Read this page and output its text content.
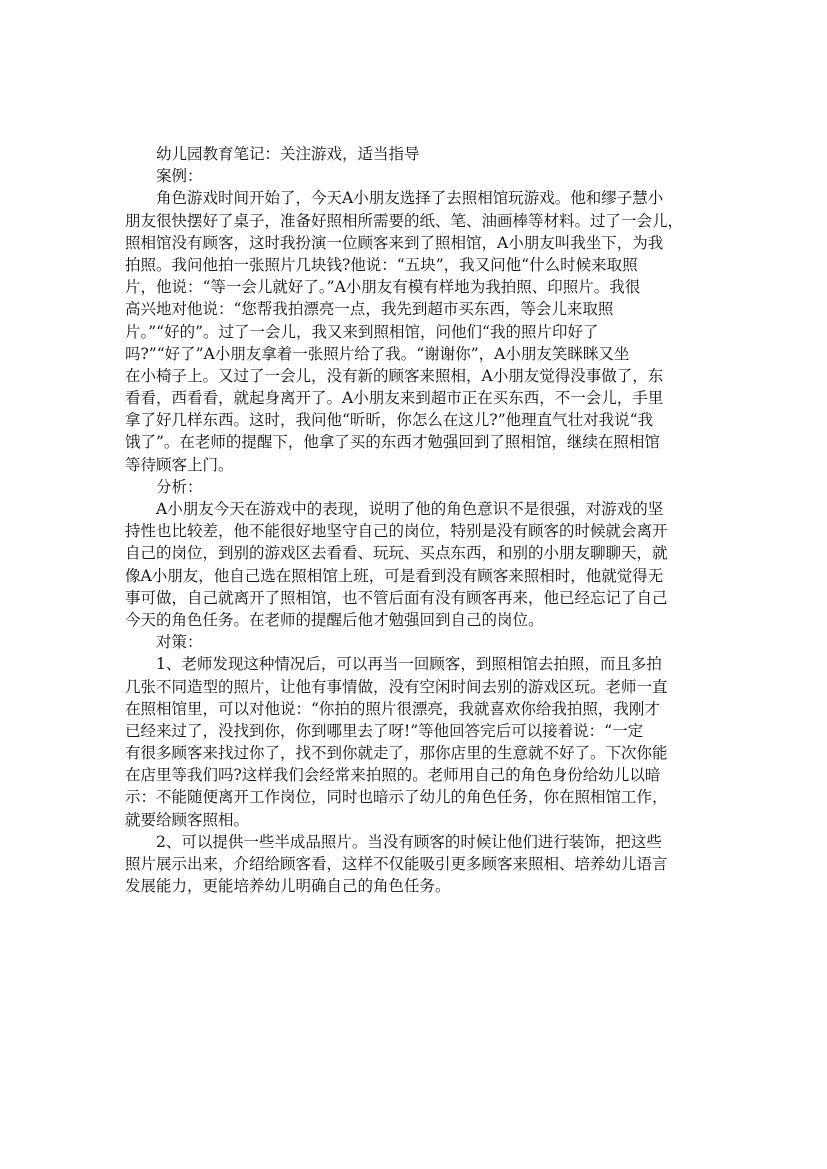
幼儿园教育笔记：关注游戏，适当指导
案例：
角色游戏时间开始了，今天A小朋友选择了去照相馆玩游戏。他和缪子慧小
朋友很快摆好了桌子，准备好照相所需要的纸、笔、油画棒等材料。过了一会儿，
照相馆没有顾客，这时我扮演一位顾客来到了照相馆，A小朋友叫我坐下，为我
拍照。我问他拍一张照片几块钱?他说：“五块”，我又问他“什么时候来取照
片，他说：“等一会儿就好了。”A小朋友有模有样地为我拍照、印照片。我很
高兴地对他说：“您帮我拍漂亮一点，我先到超市买东西，等会儿来取照
片。”“好的”。过了一会儿，我又来到照相馆，问他们“我的照片印好了
吗?”“好了”A小朋友拿着一张照片给了我。“谢谢你”，A小朋友笑眯眯又坐
在小椅子上。又过了一会儿，没有新的顾客来照相，A小朋友觉得没事做了，东
看看，西看看，就起身离开了。A小朋友来到超市正在买东西，不一会儿，手里
拿了好几样东西。这时，我问他“昕昕，你怎么在这儿?”他理直气壮对我说“我
饿了”。在老师的提醒下，他拿了买的东西才勉强回到了照相馆，继续在照相馆
等待顾客上门。
分析：
A小朋友今天在游戏中的表现，说明了他的角色意识不是很强，对游戏的坚
持性也比较差，他不能很好地坚守自己的岗位，特别是没有顾客的时候就会离开
自己的岗位，到别的游戏区去看看、玩玩、买点东西，和别的小朋友聊聊天，就
像A小朋友，他自己选在照相馆上班，可是看到没有顾客来照相时，他就觉得无
事可做，自己就离开了照相馆，也不管后面有没有顾客再来，他已经忘记了自己
今天的角色任务。在老师的提醒后他才勉强回到自己的岗位。
对策：
1、老师发现这种情况后，可以再当一回顾客，到照相馆去拍照，而且多拍
几张不同造型的照片，让他有事情做，没有空闲时间去别的游戏区玩。老师一直
在照相馆里，可以对他说：“你拍的照片很漂亮，我就喜欢你给我拍照，我刚才
已经来过了，没找到你，你到哪里去了呀!”等他回答完后可以接着说：“一定
有很多顾客来找过你了，找不到你就走了，那你店里的生意就不好了。下次你能
在店里等我们吗?这样我们会经常来拍照的。老师用自己的角色身份给幼儿以暗
示：不能随便离开工作岗位，同时也暗示了幼儿的角色任务，你在照相馆工作，
就要给顾客照相。
2、可以提供一些半成品照片。当没有顾客的时候让他们进行装饰，把这些
照片展示出来，介绍给顾客看，这样不仅能吸引更多顾客来照相、培养幼儿语言
发展能力，更能培养幼儿明确自己的角色任务。
